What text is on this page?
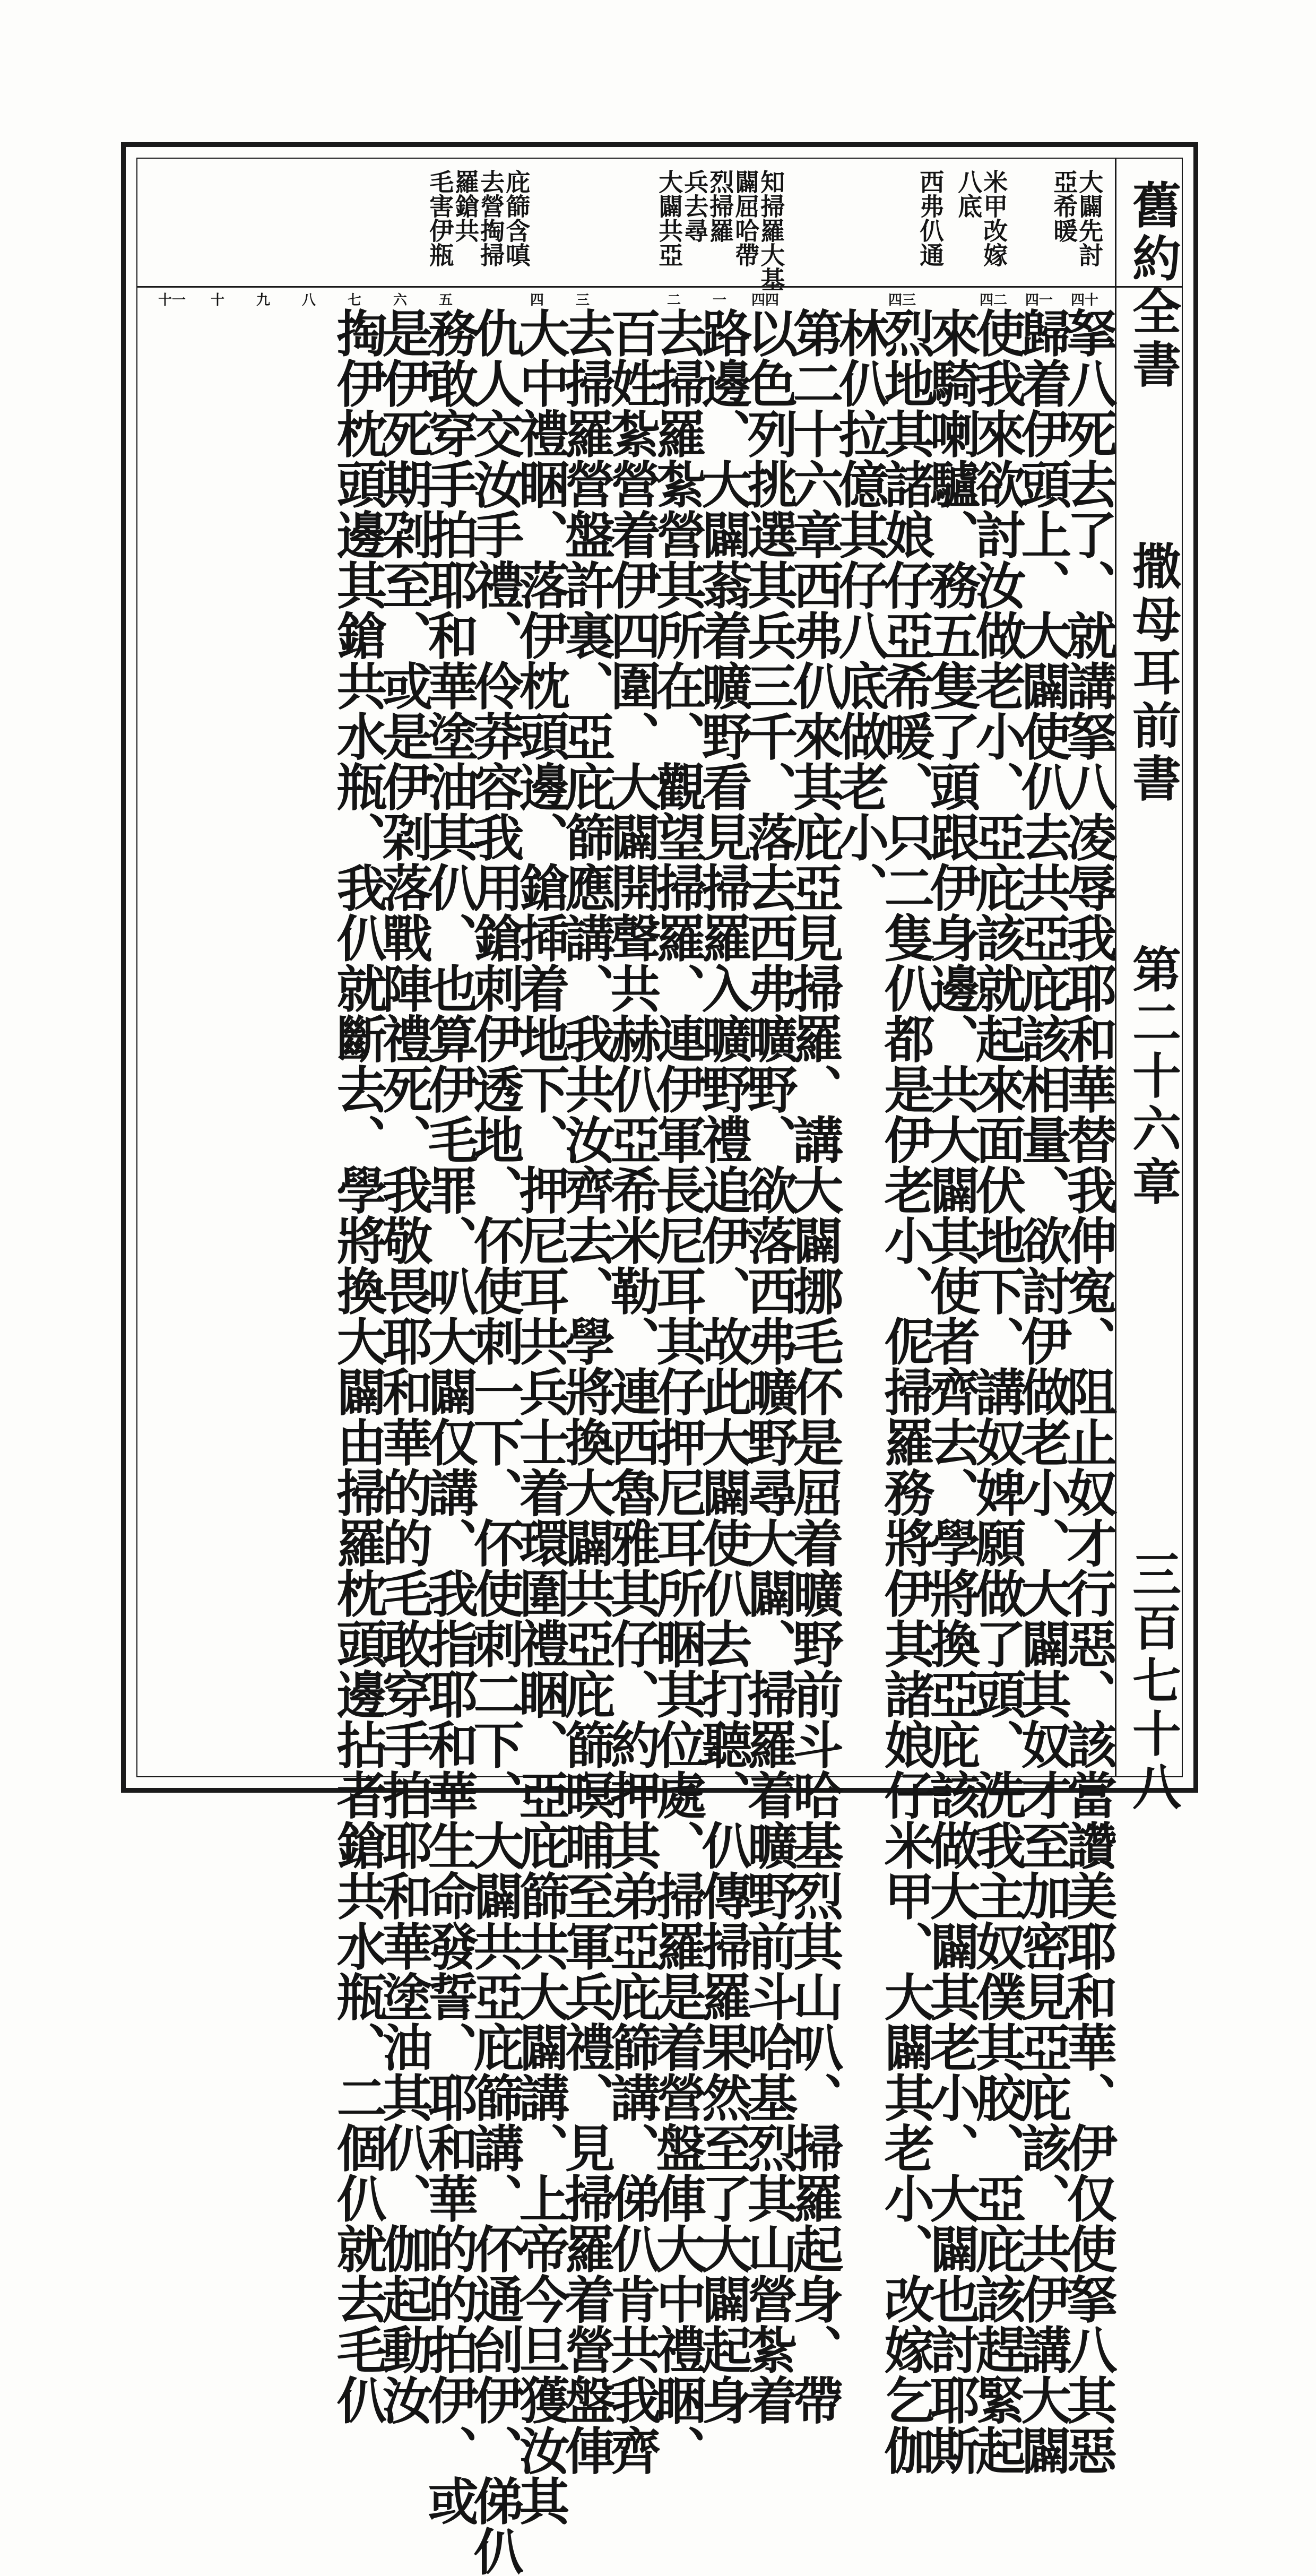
舊約全書
撒母耳前書
第二十六章
三百七十八
大闢先討
亞希暖
米甲改嫁
八底
西弗仈通
知掃羅大基
闢屈哈帶
烈掃羅
兵去尋
大闢共亞
庇篩含嗔
去營掏掃
羅鎗共
毛害伊瓶
四十
四一
四二
四三
四四
一
二
三
四
五
六
七
八
九
十
十一
拏八死去了、就講拏八凌辱我耶和華替我伸寃、阻止奴才行惡、該當讚美耶和華、伊仅使拏八其惡
歸着伊頭上、大闢使仈去共亞庇該相量、欲討伊做老小、大闢其奴才至加密見亞庇該、共伊講大闢
使我來欲討汝做老小、亞庇該就起來面伏地下、講奴婢願做了頭、洗我主奴僕其胶、亞庇該趕緊起
來騎喇驢、務五隻了頭跟伊身邊、共大闢其使者齊去、學將換亞庇該做大闢其老小、大闢也討耶斯
烈地其諸娘仔亞希暖、只二隻仈都是伊老小、伲掃羅務將伊其諸娘仔米甲、大闢其老小、改嫁乞伽
林仈拉億其仔八底做老小、
第二十六章西弗仈來其庇亞見掃羅、講大闢挪毛伓是屈着曠野前斗哈基烈其山叭、掃羅起身、帶
以色列挑選其兵三千、落去西弗曠野、欲落西弗曠野尋大闢、掃羅着曠野前斗哈基烈其山營紮着
路邊、大闢蓊着曠野看見掃羅入曠野禮追伊、故此大闢使仈去打聽、仈傳掃羅果然至了大闢起身
去掃羅紮營其所在、觀望掃羅、連伊軍長尼耳其仔押尼耳所睏其位處、掃羅是着營盤俥大中禮睏、
百姓紮營着伊四圍、大闢開聲共赫仈亞希米勒、連西魯雅其仔、約押其弟亞庇篩講、俤仈肯共我齊
去掃羅營盤許裏、亞庇篩應講、我共汝齊去、學將換大闢共亞庇篩暝晡至軍兵禮、見掃羅着營盤俥
大中禮睏、落伊枕頭邊、鎗揷着地下、押尼耳共兵士着環圍禮睏、亞庇篩共大闢講、上帝今旦獲汝其
仇人交汝手禮、伶莽容我用鎗刺伊透地、伓使刺一下、伓使刺二下、大闢共亞庇篩講、伓通刣伊、俤仈
務敢穿手拍耶和華塗油其仈、也算伊毛罪、叭大闢仅講、我指耶和華生命發誓、耶和華的的拍伊、或
是伊死期刴至、或是伊刴落戰陣禮死、我敬畏耶和華的的毛敢穿手拍耶和華塗油其仈、伽起動汝
掏伊枕頭邊其鎗共水瓶、我仈就斷去、學將換大闢由掃羅枕頭邊拈者鎗共水瓶、二個仈就去毛仈
